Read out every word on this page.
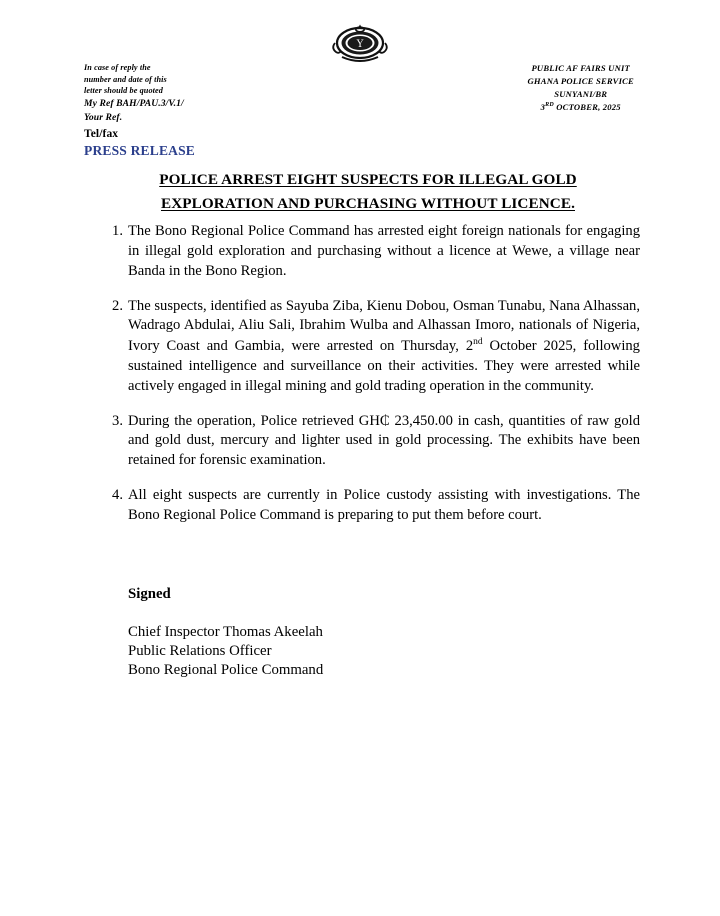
Y
In case of reply the
number and date of this
letter should be quoted
My Ref BAH/PAU.3/V.1/
Your Ref.
Tel/fax
PUBLIC AF FAIRS UNIT
GHANA POLICE SERVICE
SUNYANI/BR
3RD OCTOBER, 2025
PRESS RELEASE
POLICE ARREST EIGHT SUSPECTS FOR ILLEGAL GOLD
EXPLORATION AND PURCHASING WITHOUT LICENCE.
1. The Bono Regional Police Command has arrested eight foreign nationals for engaging in illegal gold exploration and purchasing without a licence at Wewe, a village near Banda in the Bono Region.
2. The suspects, identified as Sayuba Ziba, Kienu Dobou, Osman Tunabu, Nana Alhassan, Wadrago Abdulai, Aliu Sali, Ibrahim Wulba and Alhassan Imoro, nationals of Nigeria, Ivory Coast and Gambia, were arrested on Thursday, 2nd October 2025, following sustained intelligence and surveillance on their activities. They were arrested while actively engaged in illegal mining and gold trading operation in the community.
3. During the operation, Police retrieved GH₵ 23,450.00 in cash, quantities of raw gold and gold dust, mercury and lighter used in gold processing. The exhibits have been retained for forensic examination.
4. All eight suspects are currently in Police custody assisting with investigations. The Bono Regional Police Command is preparing to put them before court.
Signed
Chief Inspector Thomas Akeelah
Public Relations Officer
Bono Regional Police Command
